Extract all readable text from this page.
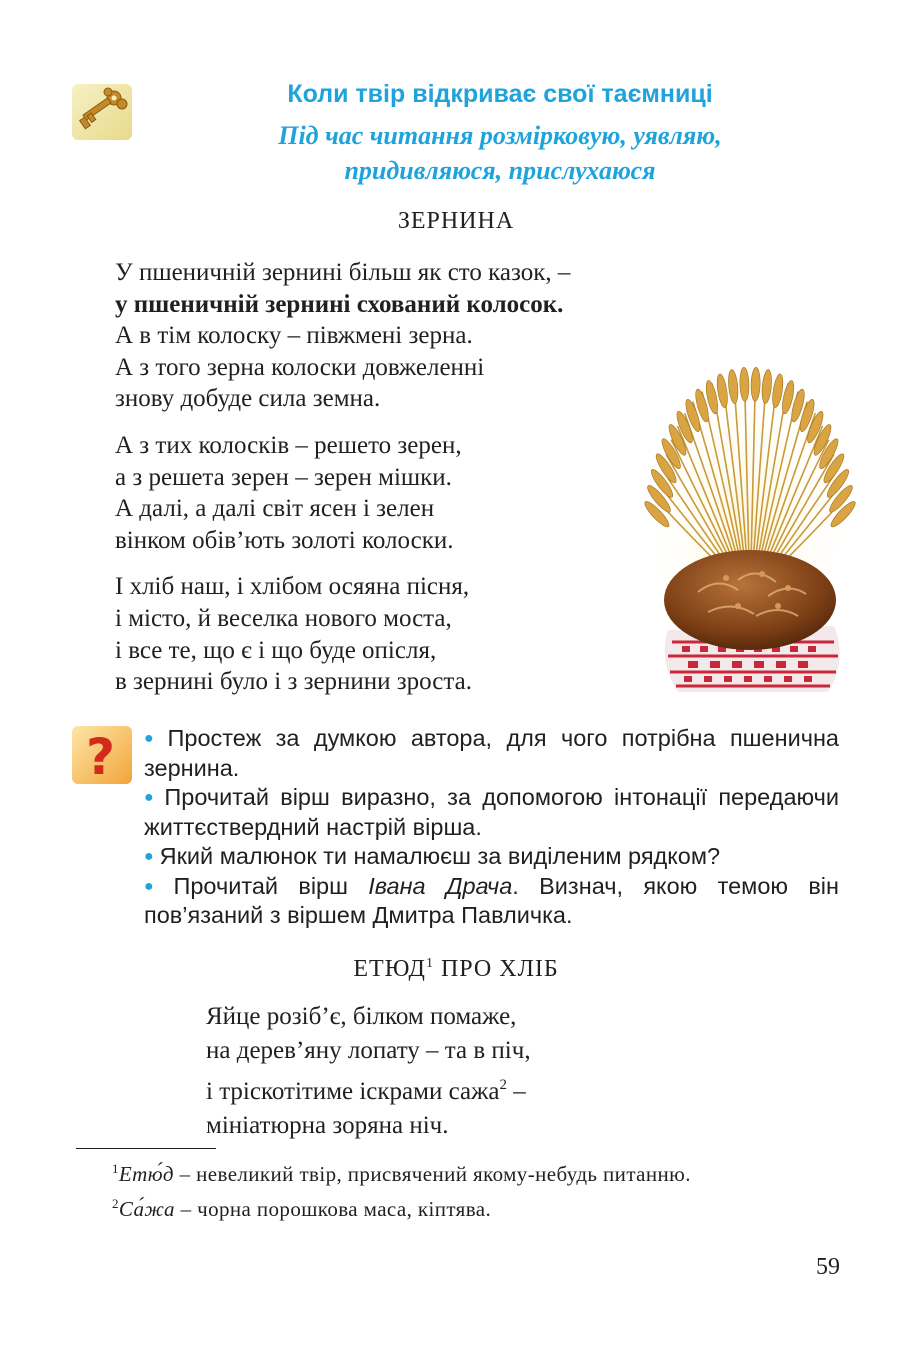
Коли твір відкриває свої таємниці
Під час читання розмірковую, уявляю,
придивляюся, прислухаюся
ЗЕРНИНА
У пшеничній зернині більш як сто казок, –
у пшеничній зернині схований колосок.
А в тім колоску – півжмені зерна.
А з того зерна колоски довжеленні
знову добуде сила земна.
А з тих колосків – решето зерен,
а з решета зерен – зерен мішки.
А далі, а далі світ ясен і зелен
вінком обів’ють золоті колоски.
І хліб наш, і хлібом осяяна пісня,
і місто, й веселка нового моста,
і все те, що є і що буде опісля,
в зернині було і з зернини зроста.
? ● Простеж за думкою автора, для чого потрібна пшенична зернина.

● Прочитай вірш виразно, за допомогою інтонації передаючи життєствердний настрій вірша.

● Який малюнок ти намалюєш за виділеним рядком?

● Прочитай вірш Івана Драча. Визнач, якою темою він пов’язаний з віршем Дмитра Павличка.

ЕТЮД$^1$ ПРО ХЛІБ
Яйце розіб’є, білком помаже,
на дерев’яну лопату – та в піч,
і тріскотітиме іскрами сажа$^2$ –
мініатюрна зоряна ніч.

$^1$Етю́д – невеликий твір, присвячений якому-небудь питанню.

$^2$Са́жа – чорна порошкова маса, кіптява.

59
